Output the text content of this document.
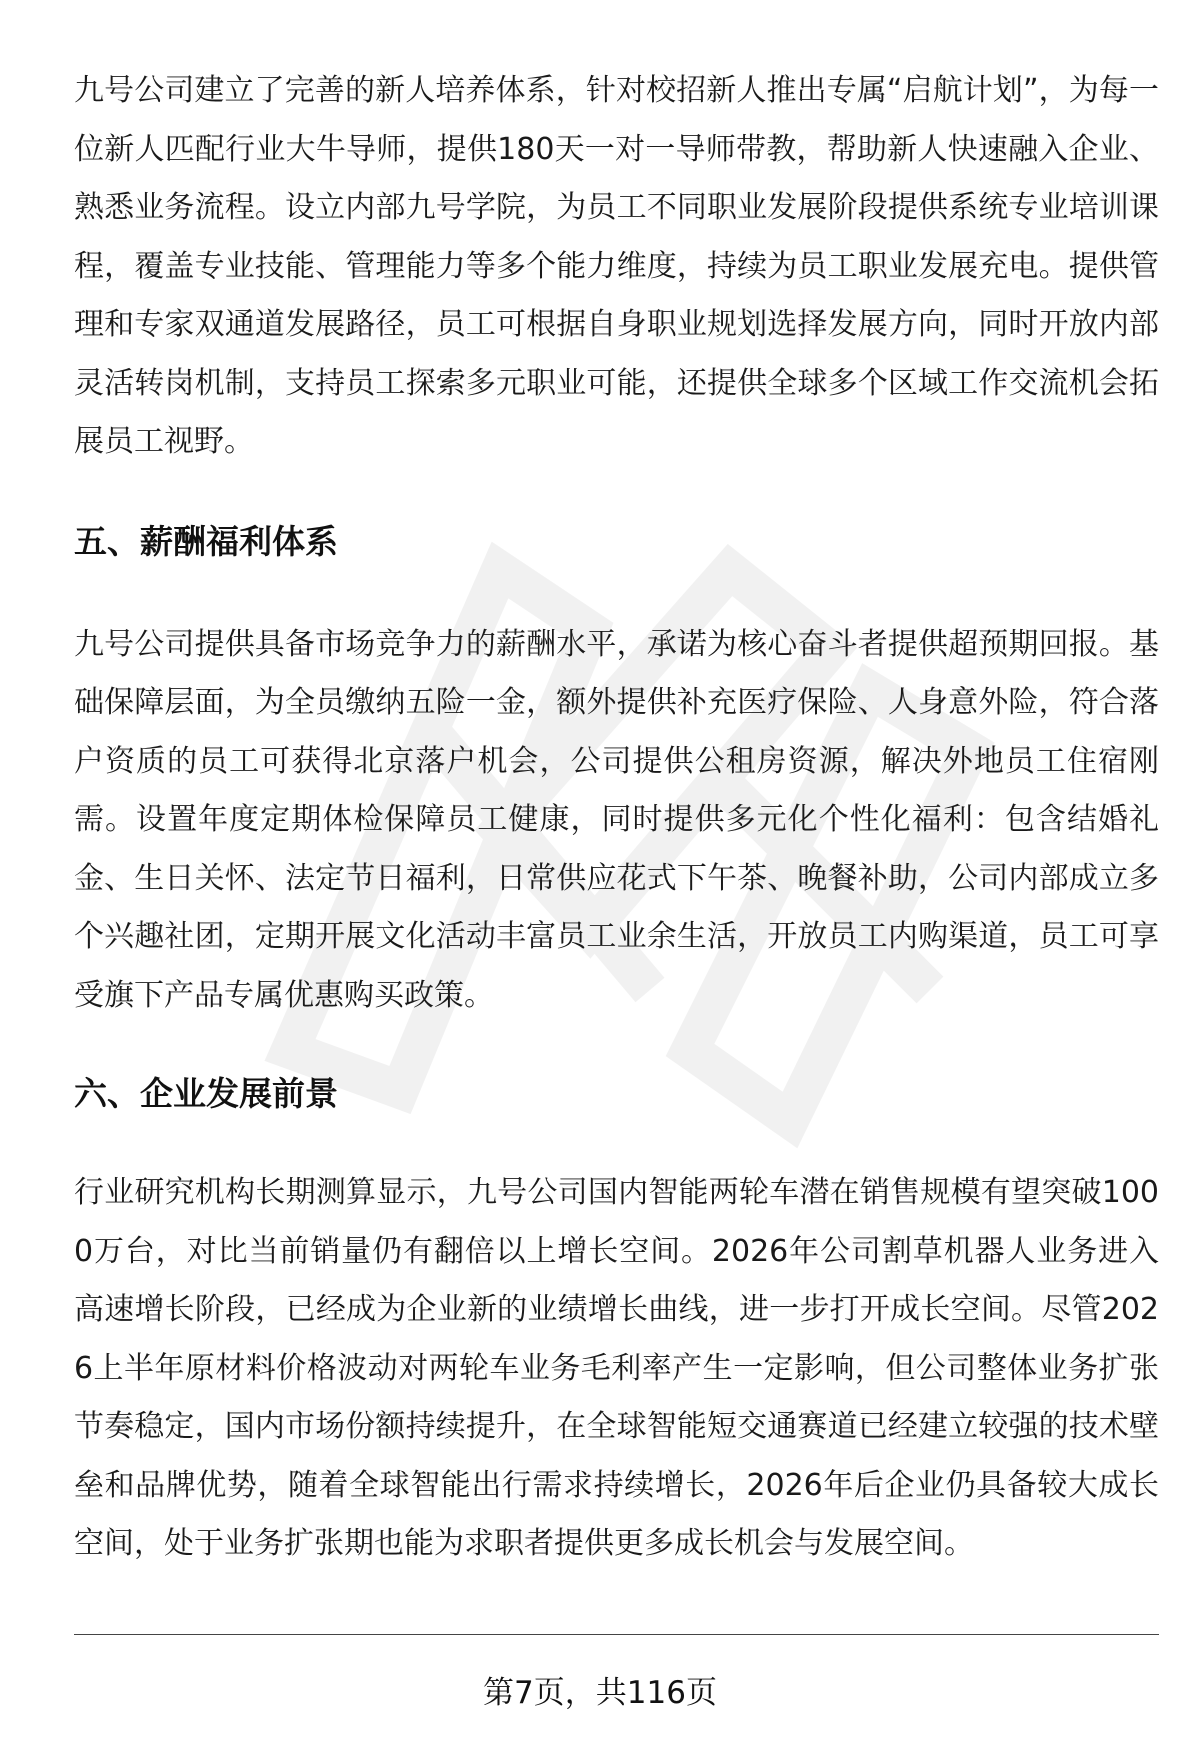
九号公司建立了完善的新人培养体系，针对校招新人推出专属“启航计划”，为每一位新人匹配行业大牛导师，提供180天一对一导师带教，帮助新人快速融入企业、熟悉业务流程。设立内部九号学院，为员工不同职业发展阶段提供系统专业培训课程，覆盖专业技能、管理能力等多个能力维度，持续为员工职业发展充电。提供管理和专家双通道发展路径，员工可根据自身职业规划选择发展方向，同时开放内部灵活转岗机制，支持员工探索多元职业可能，还提供全球多个区域工作交流机会拓展员工视野。

五、薪酬福利体系

九号公司提供具备市场竞争力的薪酬水平，承诺为核心奋斗者提供超预期回报。基础保障层面，为全员缴纳五险一金，额外提供补充医疗保险、人身意外险，符合落户资质的员工可获得北京落户机会，公司提供公租房资源，解决外地员工住宿刚需。设置年度定期体检保障员工健康，同时提供多元化个性化福利：包含结婚礼金、生日关怀、法定节日福利，日常供应花式下午茶、晚餐补助，公司内部成立多个兴趣社团，定期开展文化活动丰富员工业余生活，开放员工内购渠道，员工可享受旗下产品专属优惠购买政策。

六、企业发展前景

行业研究机构长期测算显示，九号公司国内智能两轮车潜在销售规模有望突破1000万台，对比当前销量仍有翻倍以上增长空间。2026年公司割草机器人业务进入高速增长阶段，已经成为企业新的业绩增长曲线，进一步打开成长空间。尽管2026上半年原材料价格波动对两轮车业务毛利率产生一定影响，但公司整体业务扩张节奏稳定，国内市场份额持续提升，在全球智能短交通赛道已经建立较强的技术壁垒和品牌优势，随着全球智能出行需求持续增长，2026年后企业仍具备较大成长空间，处于业务扩张期也能为求职者提供更多成长机会与发展空间。

第7页，共116页
